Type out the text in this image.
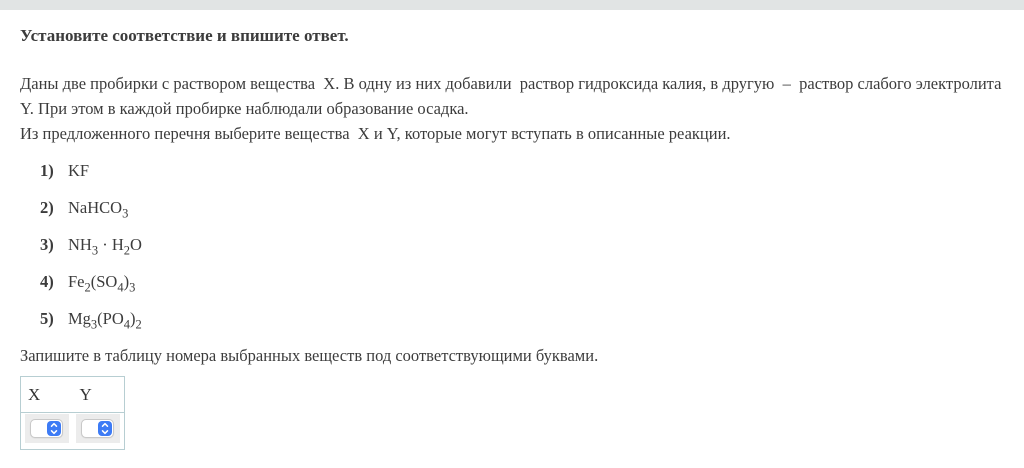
Установите соответствие и впишите ответ.

Даны две пробирки с раствором вещества  X. В одну из них добавили  раствор гидроксида калия, в другую  –  раствор слабого электролита Y. При этом в каждой пробирке наблюдали образование осадка.

Из предложенного перечня выберите вещества  X и Y, которые могут вступать в описанные реакции.

1) KF
2) NaHCO$_3$
3) $NH_3 \cdot H_2O$
4) $Fe_2(SO_4)_3$
5) $Mg_3(PO_4)_2$

Запишите в таблицу номера выбранных веществ под соответствующими буквами.

X	Y
